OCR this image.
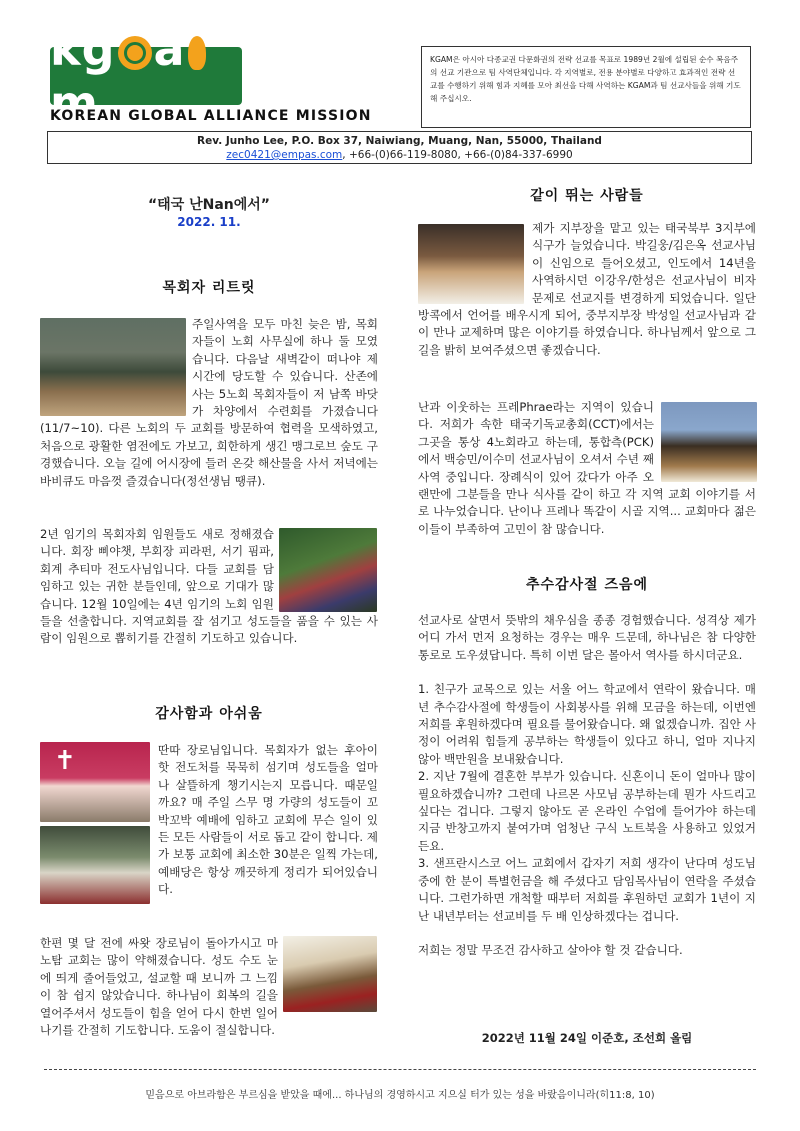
kg am
KOREAN GLOBAL ALLIANCE MISSION
KGAM은 아시아 다종교권 다문화권의 전략 선교를 목표로 1989년 2월에 설립된 순수 복음주의 선교 기관으로 팀 사역단체입니다. 각 지역별로, 전용 분야별로 다양하고 효과적인 전략 선교를 수행하기 위해 힘과 지혜를 모아 최선을 다해 사역하는 KGAM과 팀 선교사들을 위해 기도해 주십시오.
Rev. Junho Lee, P.O. Box 37, Naiwiang, Muang, Nan, 55000, Thailand
zec0421@empas.com, +66-(0)66-119-8080, +66-(0)84-337-6990
“태국 난Nan에서”
2022. 11.
목회자 리트릿

주일사역을 모두 마친 늦은 밤, 목회자들이 노회 사무실에 하나 둘 모였습니다. 다음날 새벽같이 떠나야 제시간에 당도할 수 있습니다. 산존에 사는 5노회 목회자들이 저 남쪽 바닷가 차양에서 수련회를 가졌습니다(11/7~10). 다른 노회의 두 교회를 방문하여 협력을 모색하였고, 처음으로 광활한 염전에도 가보고, 희한하게 생긴 맹그로브 숲도 구경했습니다. 오늘 길에 어시장에 들러 온갖 해산물을 사서 저녁에는 바비큐도 마음껏 즐겼습니다(정선생님 땡큐).

2년 임기의 목회자회 임원들도 새로 정해졌습니다. 회장 삐야챗, 부회장 피라펀, 서기 핌파, 회계 추티마 전도사님입니다. 다들 교회를 담임하고 있는 귀한 분들인데, 앞으로 기대가 많습니다. 12월 10일에는 4년 임기의 노회 임원들을 선출합니다. 지역교회를 잘 섬기고 성도들을 품을 수 있는 사람이 임원으로 뽑히기를 간절히 기도하고 있습니다.

감사함과 아쉬움
✝	딴따 장로님입니다. 목회자가 없는 후아이핫 전도처를 묵묵히 섬기며 성도들을 얼마나 살뜰하게 챙기시는지 모릅니다. 때문일까요? 매 주일 스무 명 가량의 성도들이 꼬박꼬박 예배에 임하고 교회에 무슨 일이 있든 모든 사람들이 서로 돕고 같이 합니다. 제가 보통 교회에 최소한 30분은 일찍 가는데, 예배당은 항상 깨끗하게 정리가 되어있습니다.

한편 몇 달 전에 싸왓 장로님이 돌아가시고 마노탐 교회는 많이 약해졌습니다. 성도 수도 눈에 띄게 줄어들었고, 설교할 때 보니까 그 느낌이 참 쉽지 않았습니다. 하나님이 회복의 길을 열어주셔서 성도들이 힘을 얻어 다시 한번 일어나기를 간절히 기도합니다. 도움이 절실합니다.

같이 뛰는 사람들

제가 지부장을 맡고 있는 태국북부 3지부에 식구가 늘었습니다. 박길웅/김은옥 선교사님이 신임으로 들어오셨고, 인도에서 14년을 사역하시던 이강우/한성은 선교사님이 비자 문제로 선교지를 변경하게 되었습니다. 일단 방콕에서 언어를 배우시게 되어, 중부지부장 박성일 선교사님과 같이 만나 교제하며 많은 이야기를 하였습니다. 하나님께서 앞으로 그 길을 밝히 보여주셨으면 좋겠습니다.

난과 이웃하는 프레Phrae라는 지역이 있습니다. 저희가 속한 태국기독교총회(CCT)에서는 그곳을 통상 4노회라고 하는데, 통합측(PCK)에서 백승민/이수미 선교사님이 오셔서 수년 째 사역 중입니다. 장례식이 있어 갔다가 아주 오랜만에 그분들을 만나 식사를 같이 하고 각 지역 교회 이야기를 서로 나누었습니다. 난이나 프레나 똑같이 시골 지역... 교회마다 젊은이들이 부족하여 고민이 참 많습니다.

추수감사절 즈음에

선교사로 살면서 뜻밖의 채우심을 종종 경험했습니다. 성격상 제가 어디 가서 먼저 요청하는 경우는 매우 드문데, 하나님은 참 다양한 통로로 도우셨답니다. 특히 이번 달은 몰아서 역사를 하시더군요.

1. 친구가 교목으로 있는 서울 어느 학교에서 연락이 왔습니다. 매년 추수감사절에 학생들이 사회봉사를 위해 모금을 하는데, 이번엔 저희를 후원하겠다며 필요를 물어왔습니다. 왜 없겠습니까. 집안 사정이 어려워 힘들게 공부하는 학생들이 있다고 하니, 얼마 지나지 않아 백만원을 보내왔습니다.

2. 지난 7월에 결혼한 부부가 있습니다. 신혼이니 돈이 얼마나 많이 필요하겠습니까? 그런데 나르몬 사모님 공부하는데 뭔가 사드리고 싶다는 겁니다. 그렇지 않아도 곧 온라인 수업에 들어가야 하는데 지금 반창고까지 붙여가며 엄청난 구식 노트북을 사용하고 있었거든요.

3. 샌프란시스코 어느 교회에서 갑자기 저희 생각이 난다며 성도님 중에 한 분이 특별헌금을 해 주셨다고 담임목사님이 연락을 주셨습니다. 그런가하면 개척할 때부터 저희를 후원하던 교회가 1년이 지난 내년부터는 선교비를 두 배 인상하겠다는 겁니다.

저희는 정말 무조건 감사하고 살아야 할 것 같습니다.

2022년 11월 24일 이준호, 조선희 올림
믿음으로 아브라함은 부르심을 받았을 때에... 하나님의 경영하시고 지으실 터가 있는 성을 바랐음이니라(히11:8, 10)
